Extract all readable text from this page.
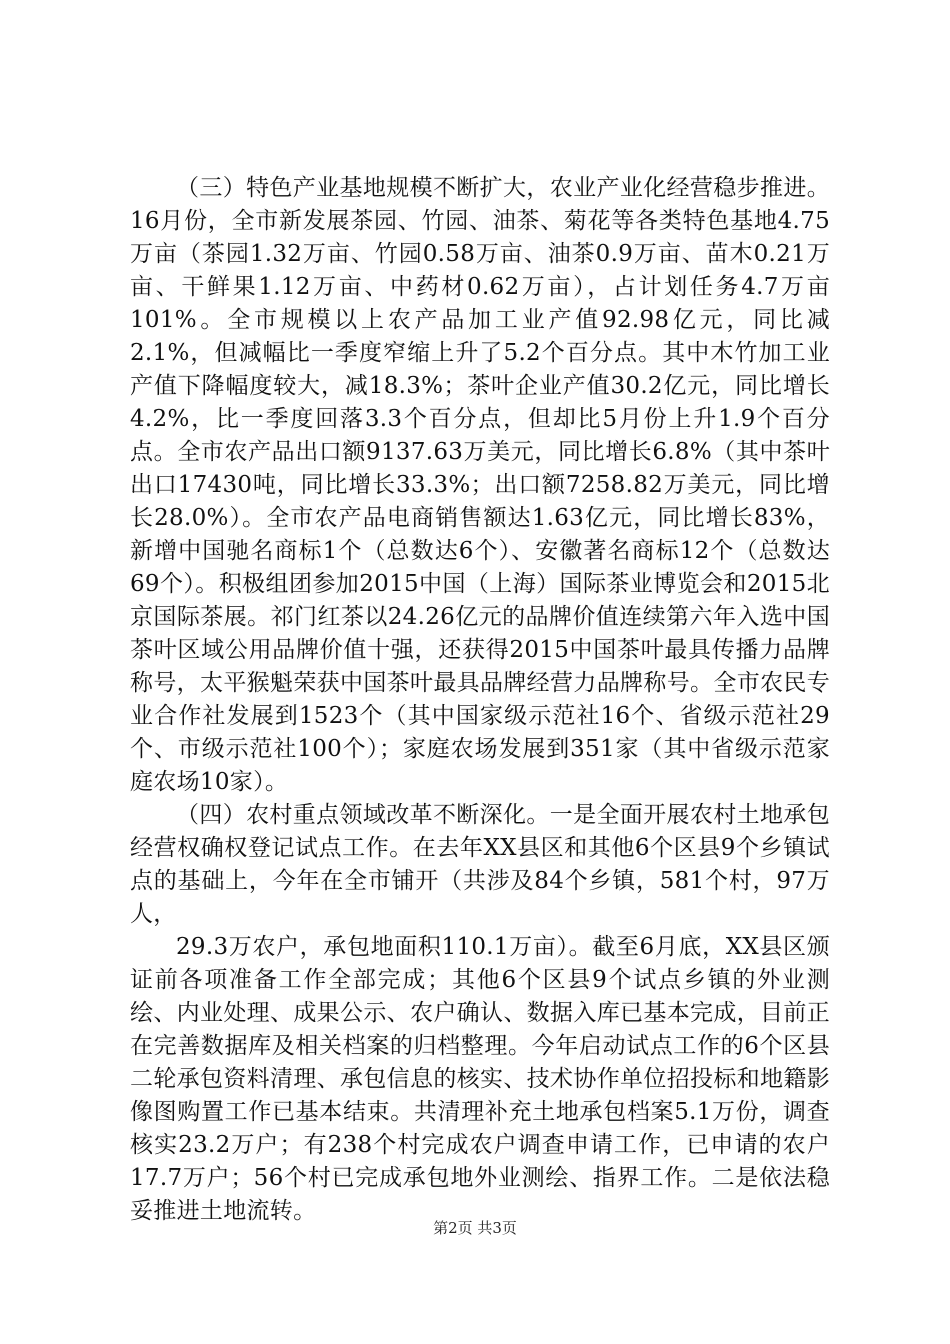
（三）特色产业基地规模不断扩大，农业产业化经营稳步推进。16月份，全市新发展茶园、竹园、油茶、菊花等各类特色基地4.75万亩（茶园1.32万亩、竹园0.58万亩、油茶0.9万亩、苗木0.21万亩、干鲜果1.12万亩、中药材0.62万亩），占计划任务4.7万亩101%。全市规模以上农产品加工业产值92.98亿元，同比减2.1%，但减幅比一季度窄缩上升了5.2个百分点。其中木竹加工业产值下降幅度较大，减18.3%；茶叶企业产值30.2亿元，同比增长4.2%，比一季度回落3.3个百分点，但却比5月份上升1.9个百分点。全市农产品出口额9137.63万美元，同比增长6.8%（其中茶叶出口17430吨，同比增长33.3%；出口额7258.82万美元，同比增长28.0%）。全市农产品电商销售额达1.63亿元，同比增长83%，新增中国驰名商标1个（总数达6个）、安徽著名商标12个（总数达69个）。积极组团参加2015中国（上海）国际茶业博览会和2015北京国际茶展。祁门红茶以24.26亿元的品牌价值连续第六年入选中国茶叶区域公用品牌价值十强，还获得2015中国茶叶最具传播力品牌称号，太平猴魁荣获中国茶叶最具品牌经营力品牌称号。全市农民专业合作社发展到1523个（其中国家级示范社16个、省级示范社29个、市级示范社100个）；家庭农场发展到351家（其中省级示范家庭农场10家）。

（四）农村重点领域改革不断深化。一是全面开展农村土地承包经营权确权登记试点工作。在去年XX县区和其他6个区县9个乡镇试点的基础上，今年在全市铺开（共涉及84个乡镇，581个村，97万人，

29.3万农户，承包地面积110.1万亩）。截至6月底，XX县区颁证前各项准备工作全部完成；其他6个区县9个试点乡镇的外业测绘、内业处理、成果公示、农户确认、数据入库已基本完成，目前正在完善数据库及相关档案的归档整理。今年启动试点工作的6个区县二轮承包资料清理、承包信息的核实、技术协作单位招投标和地籍影像图购置工作已基本结束。共清理补充土地承包档案5.1万份，调查核实23.2万户；有238个村完成农户调查申请工作，已申请的农户17.7万户；56个村已完成承包地外业测绘、指界工作。二是依法稳妥推进土地流转。

第2页 共3页
